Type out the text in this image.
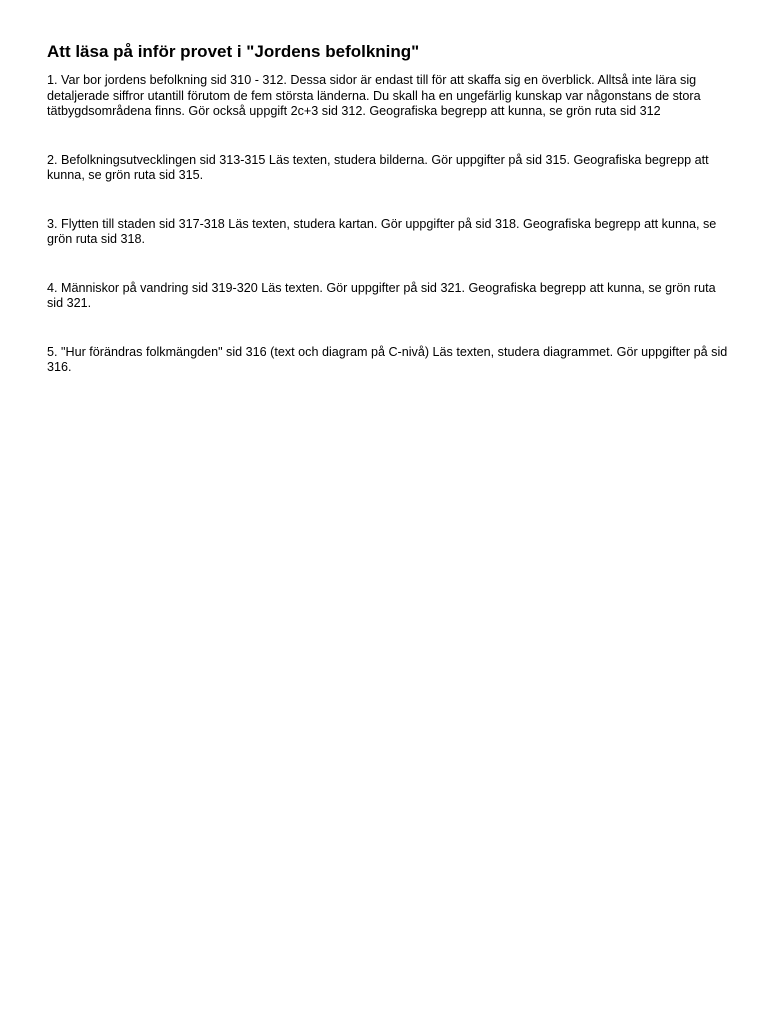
Att läsa på inför provet i "Jordens befolkning"

1. Var bor jordens befolkning sid 310 - 312. Dessa sidor är endast till för att skaffa sig en överblick. Alltså inte lära sig detaljerade siffror utantill förutom de fem största länderna. Du skall ha en ungefärlig kunskap var någonstans de stora tätbygdsområdena finns. Gör också uppgift 2c+3 sid 312. Geografiska begrepp att kunna, se grön ruta sid 312

2. Befolkningsutvecklingen sid 313-315 Läs texten, studera bilderna. Gör uppgifter på sid 315. Geografiska begrepp att kunna, se grön ruta sid 315.

3. Flytten till staden sid 317-318 Läs texten, studera kartan. Gör uppgifter på sid 318. Geografiska begrepp att kunna, se grön ruta sid 318.

4. Människor på vandring sid 319-320 Läs texten. Gör uppgifter på sid 321. Geografiska begrepp att kunna, se grön ruta sid 321.

5. "Hur förändras folkmängden" sid 316 (text och diagram på C-nivå) Läs texten, studera diagrammet. Gör uppgifter på sid 316.
